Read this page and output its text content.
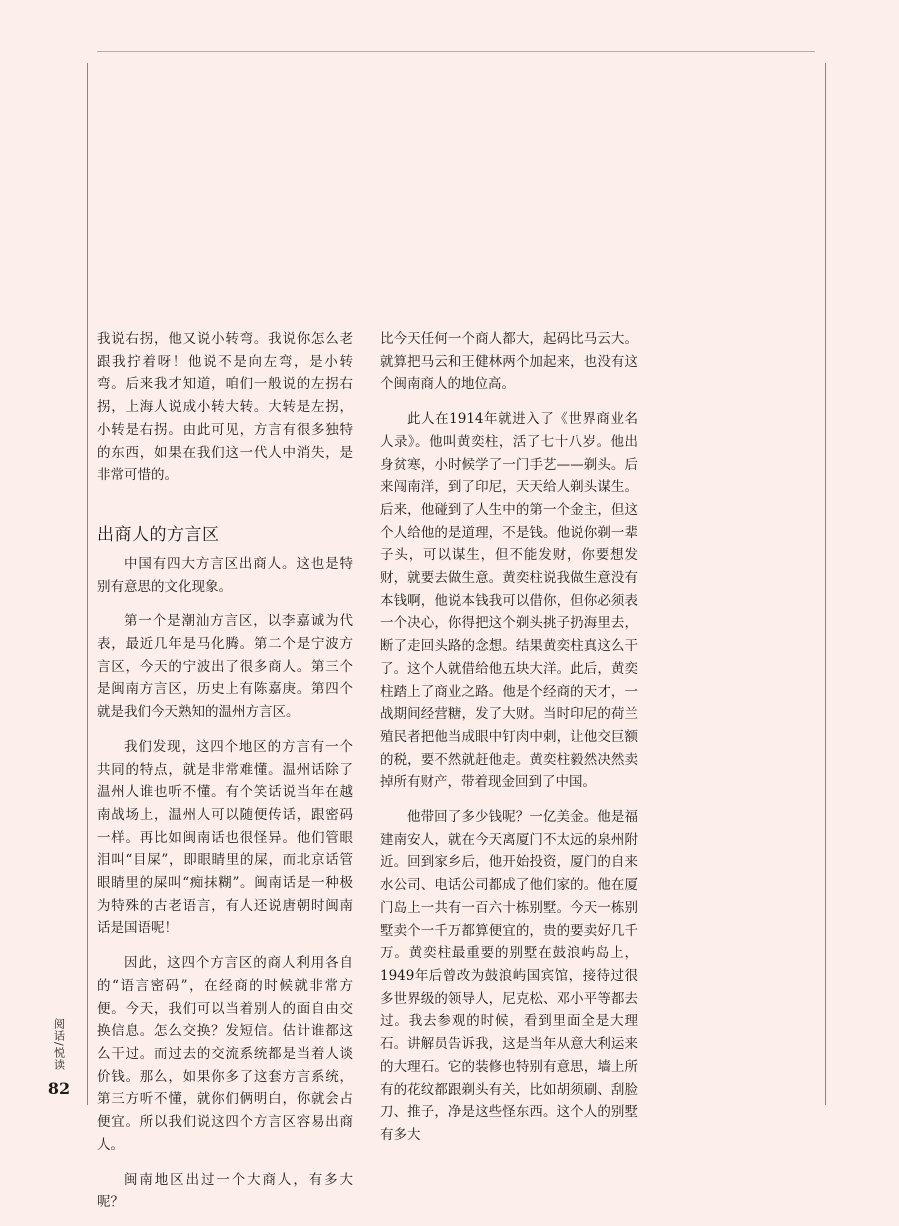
我说右拐，他又说小转弯。我说你怎么老跟我拧着呀！他说不是向左弯，是小转弯。后来我才知道，咱们一般说的左拐右拐，上海人说成小转大转。大转是左拐，小转是右拐。由此可见，方言有很多独特的东西，如果在我们这一代人中消失，是非常可惜的。

出商人的方言区

中国有四大方言区出商人。这也是特别有意思的文化现象。

第一个是潮汕方言区，以李嘉诚为代表，最近几年是马化腾。第二个是宁波方言区，今天的宁波出了很多商人。第三个是闽南方言区，历史上有陈嘉庚。第四个就是我们今天熟知的温州方言区。

我们发现，这四个地区的方言有一个共同的特点，就是非常难懂。温州话除了温州人谁也听不懂。有个笑话说当年在越南战场上，温州人可以随便传话，跟密码一样。再比如闽南话也很怪异。他们管眼泪叫“目屎”，即眼睛里的屎，而北京话管眼睛里的屎叫“痴抹糊”。闽南话是一种极为特殊的古老语言，有人还说唐朝时闽南话是国语呢！

因此，这四个方言区的商人利用各自的“语言密码”，在经商的时候就非常方便。今天，我们可以当着别人的面自由交换信息。怎么交换？发短信。估计谁都这么干过。而过去的交流系统都是当着人谈价钱。那么，如果你多了这套方言系统，第三方听不懂，就你们俩明白，你就会占便宜。所以我们说这四个方言区容易出商人。

闽南地区出过一个大商人，有多大呢？

比今天任何一个商人都大，起码比马云大。就算把马云和王健林两个加起来，也没有这个闽南商人的地位高。

此人在1914年就进入了《世界商业名人录》。他叫黄奕柱，活了七十八岁。他出身贫寒，小时候学了一门手艺——剃头。后来闯南洋，到了印尼，天天给人剃头谋生。后来，他碰到了人生中的第一个金主，但这个人给他的是道理，不是钱。他说你剃一辈子头，可以谋生，但不能发财，你要想发财，就要去做生意。黄奕柱说我做生意没有本钱啊，他说本钱我可以借你，但你必须表一个决心，你得把这个剃头挑子扔海里去，断了走回头路的念想。结果黄奕柱真这么干了。这个人就借给他五块大洋。此后，黄奕柱踏上了商业之路。他是个经商的天才，一战期间经营糖，发了大财。当时印尼的荷兰殖民者把他当成眼中钉肉中刺，让他交巨额的税，要不然就赶他走。黄奕柱毅然决然卖掉所有财产，带着现金回到了中国。

他带回了多少钱呢？一亿美金。他是福建南安人，就在今天离厦门不太远的泉州附近。回到家乡后，他开始投资，厦门的自来水公司、电话公司都成了他们家的。他在厦门岛上一共有一百六十栋别墅。今天一栋别墅卖个一千万都算便宜的，贵的要卖好几千万。黄奕柱最重要的别墅在鼓浪屿岛上，1949年后曾改为鼓浪屿国宾馆，接待过很多世界级的领导人，尼克松、邓小平等都去过。我去参观的时候，看到里面全是大理石。讲解员告诉我，这是当年从意大利运来的大理石。它的装修也特别有意思，墙上所有的花纹都跟剃头有关，比如胡须刷、刮脸刀、推子，净是这些怪东西。这个人的别墅有多大

阅话/悦读
82
